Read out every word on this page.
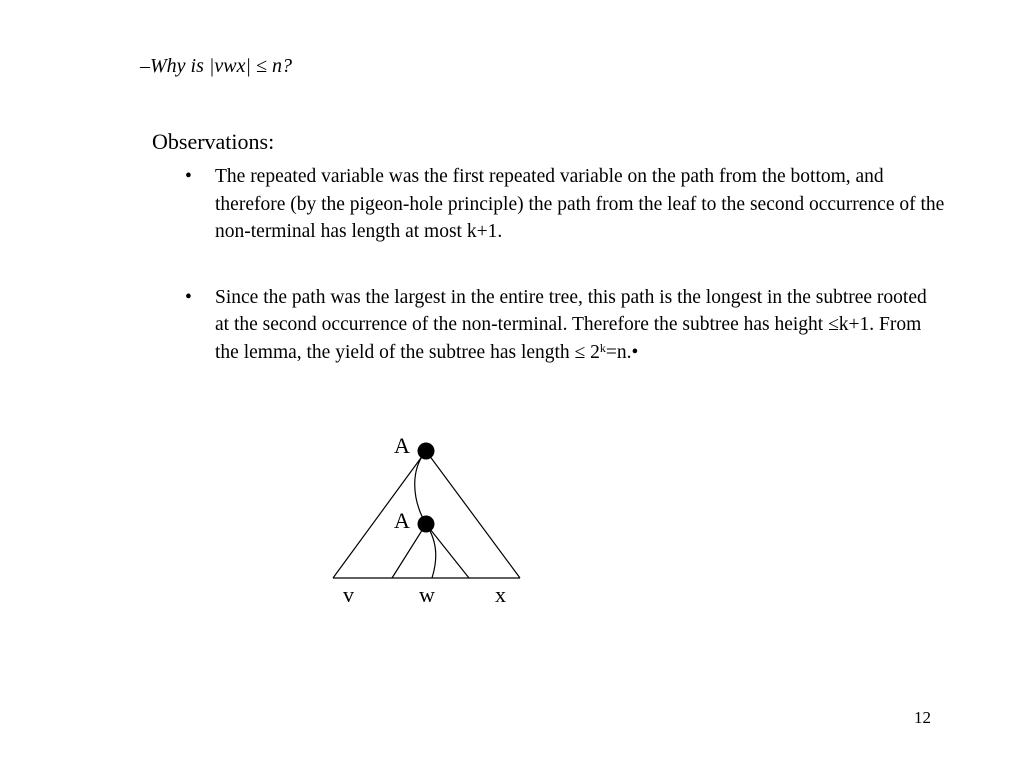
–Why is |vwx| ≤ n?
Observations:
• The repeated variable was the first repeated variable on the path from the bottom, and therefore (by the pigeon-hole principle) the path from the leaf to the second occurrence of the non-terminal has length at most k+1.
• Since the path was the largest in the entire tree, this path is the longest in the subtree rooted at the second occurrence of the non-terminal. Therefore the subtree has height ≤k+1. From the lemma, the yield of the subtree has length ≤ $2^k=n.•$
A
A
v	w	x
12
